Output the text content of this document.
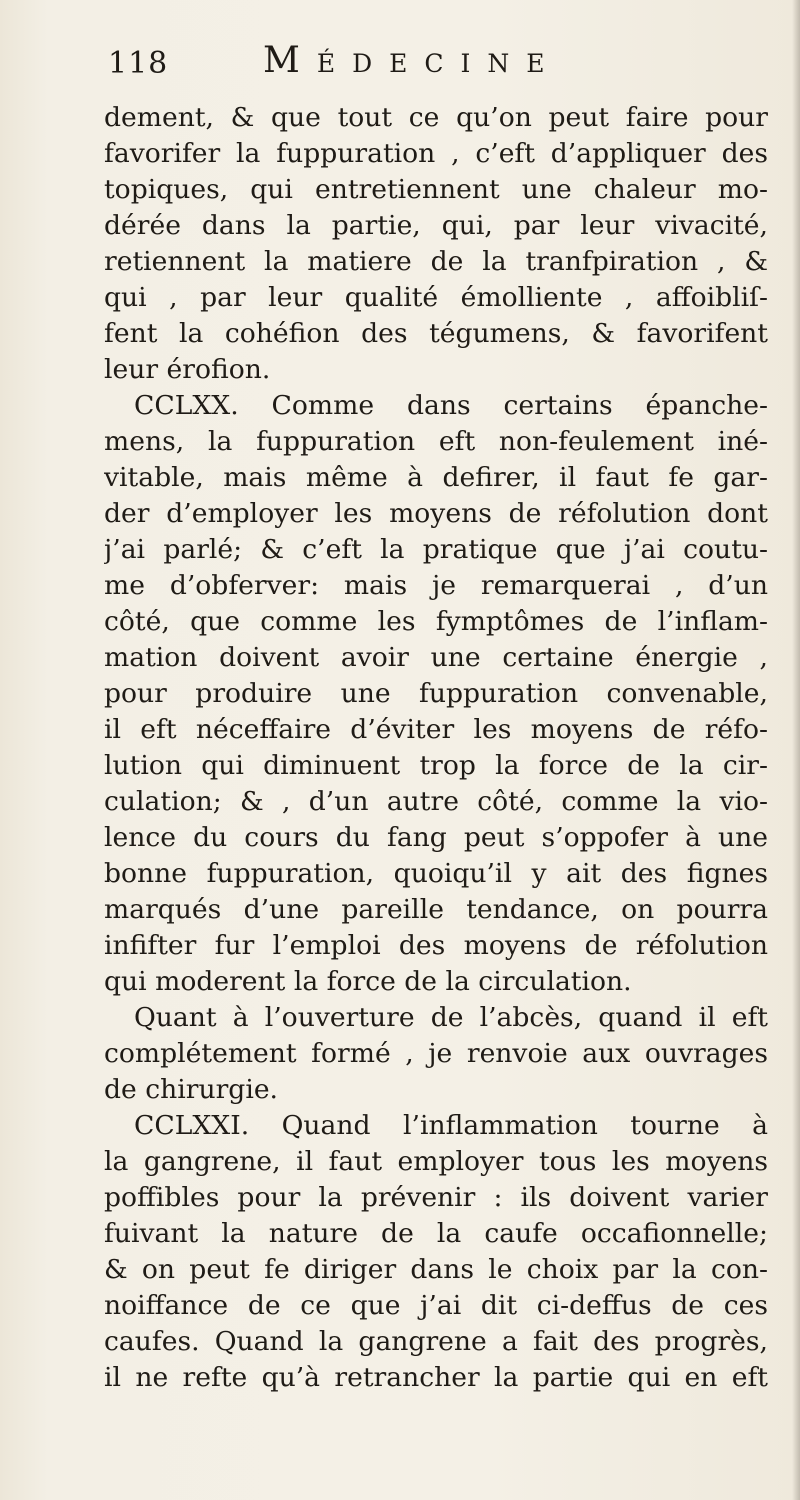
118	Médecine
dement, & que tout ce qu’on peut faire pour
favorifer la fuppuration , c’eft d’appliquer des
topiques, qui entretiennent une chaleur mo-
dérée dans la partie, qui, par leur vivacité,
retiennent la matiere de la tranfpiration , &
qui , par leur qualité émolliente , affoibliſ-
fent la cohéfion des tégumens, & favorifent
leur érofion.
CCLXX. Comme dans certains épanche-
mens, la fuppuration eft non-feulement iné-
vitable, mais même à defirer, il faut fe gar-
der d’employer les moyens de réfolution dont
j’ai parlé; & c’eft la pratique que j’ai coutu-
me d’obferver: mais je remarquerai , d’un
côté, que comme les fymptômes de l’inflam-
mation doivent avoir une certaine énergie ,
pour produire une fuppuration convenable,
il eft néceffaire d’éviter les moyens de réfo-
lution qui diminuent trop la force de la cir-
culation; & , d’un autre côté, comme la vio-
lence du cours du fang peut s’oppofer à une
bonne fuppuration, quoiqu’il y ait des fignes
marqués d’une pareille tendance, on pourra
infifter fur l’emploi des moyens de réfolution
qui moderent la force de la circulation.
Quant à l’ouverture de l’abcès, quand il eft
complétement formé , je renvoie aux ouvrages
de chirurgie.
CCLXXI. Quand l’inflammation tourne à
la gangrene, il faut employer tous les moyens
poffibles pour la prévenir : ils doivent varier
fuivant la nature de la caufe occafionnelle;
& on peut fe diriger dans le choix par la con-
noiffance de ce que j’ai dit ci-deffus de ces
caufes. Quand la gangrene a fait des progrès,
il ne refte qu’à retrancher la partie qui en eft
